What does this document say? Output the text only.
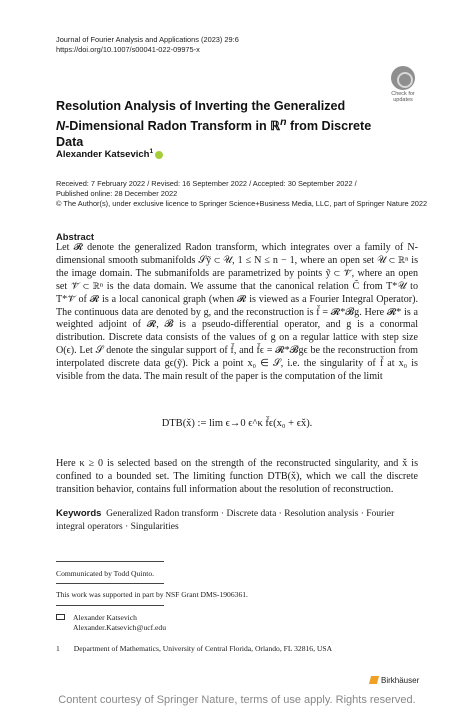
Journal of Fourier Analysis and Applications (2023) 29:6
https://doi.org/10.1007/s00041-022-09975-x
Check for
updates
Resolution Analysis of Inverting the Generalized
N-Dimensional Radon Transform in ℝ$^n$ from Discrete Data
Alexander Katsevich$^1$
Received: 7 February 2022 / Revised: 16 September 2022 / Accepted: 30 September 2022 /
Published online: 28 December 2022
© The Author(s), under exclusive licence to Springer Science+Business Media, LLC, part of Springer Nature 2022
Abstract
Let 𝓡 denote the generalized Radon transform, which integrates over a family of N-dimensional smooth submanifolds 𝒮ỹ ⊂ 𝒰, 1 ≤ N ≤ n − 1, where an open set 𝒰 ⊂ ℝⁿ is the image domain. The submanifolds are parametrized by points ỹ ⊂ 𝒱̃, where an open set 𝒱̃ ⊂ ℝⁿ is the data domain. We assume that the canonical relation C̃ from T*𝒰 to T*𝒱̃ of 𝓡 is a local canonical graph (when 𝓡 is viewed as a Fourier Integral Operator). The continuous data are denoted by g, and the reconstruction is f̌ = 𝓡*𝓑g. Here 𝓡* is a weighted adjoint of 𝓡, 𝓑 is a pseudo-differential operator, and g is a conormal distribution. Discrete data consists of the values of g on a regular lattice with step size O(ϵ). Let 𝒮 denote the singular support of f̌, and f̌ϵ = 𝓡*𝓑gϵ be the reconstruction from interpolated discrete data gϵ(ỹ). Pick a point x₀ ∈ 𝒮, i.e. the singularity of f̌ at x₀ is visible from the data. The main result of the paper is the computation of the limit
DTB(x̌) := lim ϵ→0 ϵ^κ f̌ϵ(x₀ + ϵx̌).
Here κ ≥ 0 is selected based on the strength of the reconstructed singularity, and x̌ is confined to a bounded set. The limiting function DTB(x̌), which we call the discrete transition behavior, contains full information about the resolution of reconstruction.
Keywords Generalized Radon transform · Discrete data · Resolution analysis · Fourier integral operators · Singularities
Communicated by Todd Quinto.
This work was supported in part by NSF Grant DMS-1906361.
Alexander Katsevich
Alexander.Katsevich@ucf.edu
1 Department of Mathematics, University of Central Florida, Orlando, FL 32816, USA
Birkhäuser
Content courtesy of Springer Nature, terms of use apply. Rights reserved.
